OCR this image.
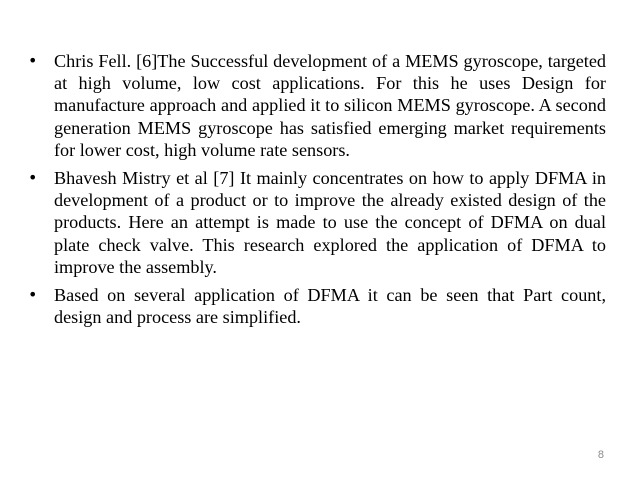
• Chris Fell. [6]The Successful development of a MEMS gyroscope, targeted at high volume, low cost applications. For this he uses Design for manufacture approach and applied it to silicon MEMS gyroscope. A second generation MEMS gyroscope has satisfied emerging market requirements for lower cost, high volume rate sensors.
• Bhavesh Mistry et al [7] It mainly concentrates on how to apply DFMA in development of a product or to improve the already existed design of the products. Here an attempt is made to use the concept of DFMA on dual plate check valve. This research explored the application of DFMA to improve the assembly.
• Based on several application of DFMA it can be seen that Part count, design and process are simplified.
8
